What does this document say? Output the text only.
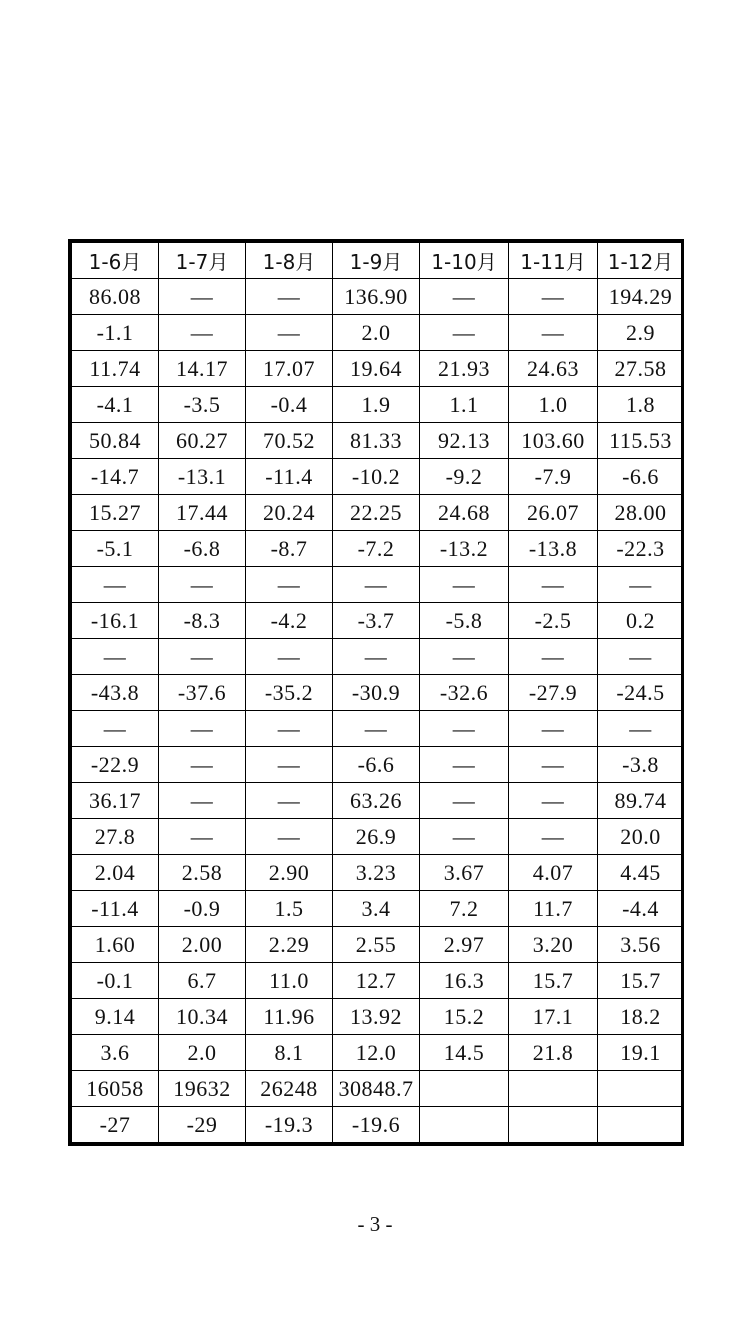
1-6月	1-7月	1-8月	1-9月	1-10月	1-11月	1-12月
86.08	—	—	136.90	—	—	194.29
-1.1	—	—	2.0	—	—	2.9
11.74	14.17	17.07	19.64	21.93	24.63	27.58
-4.1	-3.5	-0.4	1.9	1.1	1.0	1.8
50.84	60.27	70.52	81.33	92.13	103.60	115.53
-14.7	-13.1	-11.4	-10.2	-9.2	-7.9	-6.6
15.27	17.44	20.24	22.25	24.68	26.07	28.00
-5.1	-6.8	-8.7	-7.2	-13.2	-13.8	-22.3
—	—	—	—	—	—	—
-16.1	-8.3	-4.2	-3.7	-5.8	-2.5	0.2
—	—	—	—	—	—	—
-43.8	-37.6	-35.2	-30.9	-32.6	-27.9	-24.5
—	—	—	—	—	—	—
-22.9	—	—	-6.6	—	—	-3.8
36.17	—	—	63.26	—	—	89.74
27.8	—	—	26.9	—	—	20.0
2.04	2.58	2.90	3.23	3.67	4.07	4.45
-11.4	-0.9	1.5	3.4	7.2	11.7	-4.4
1.60	2.00	2.29	2.55	2.97	3.20	3.56
-0.1	6.7	11.0	12.7	16.3	15.7	15.7
9.14	10.34	11.96	13.92	15.2	17.1	18.2
3.6	2.0	8.1	12.0	14.5	21.8	19.1
16058	19632	26248	30848.7			
-27	-29	-19.3	-19.6			
- 3 -
